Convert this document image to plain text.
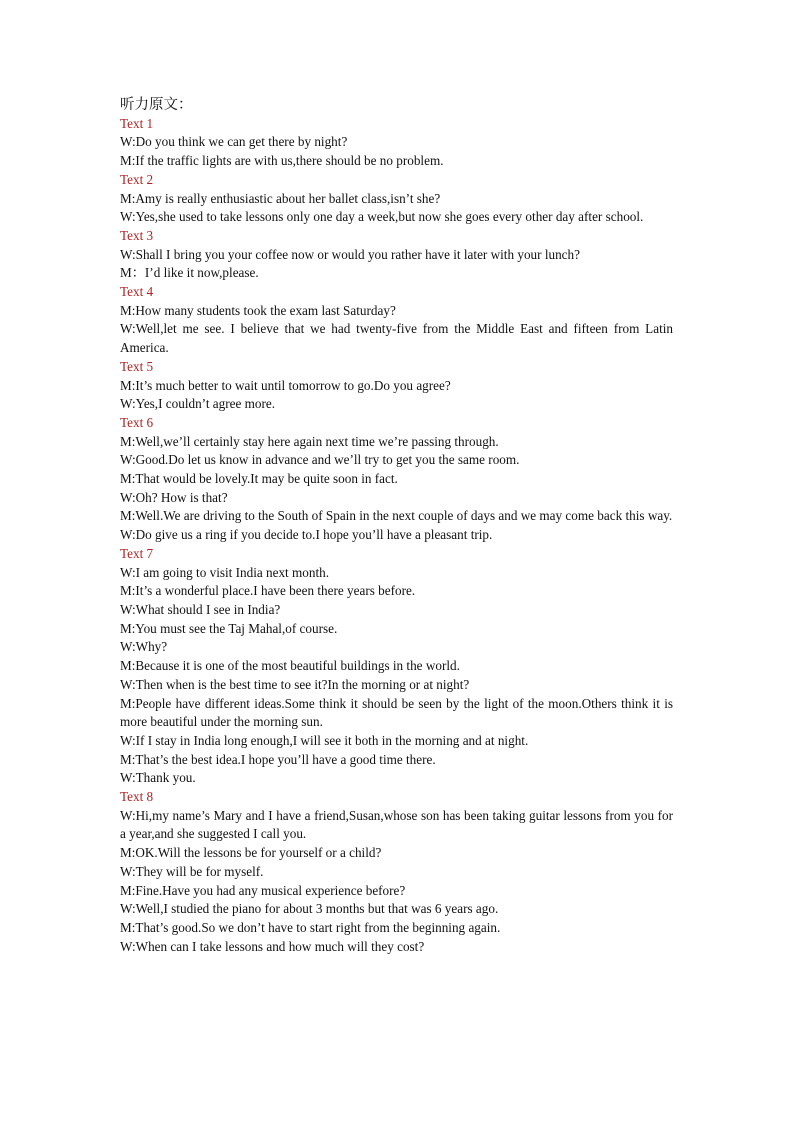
听力原文：
Text 1
W:Do you think we can get there by night?
M:If the traffic lights are with us,there should be no problem.
Text 2
M:Amy is really enthusiastic about her ballet class,isn’t she?
W:Yes,she used to take lessons only one day a week,but now she goes every other day after school.
Text 3
W:Shall I bring you your coffee now or would you rather have it later with your lunch?
M：I’d like it now,please.
Text 4
M:How many students took the exam last Saturday?
W:Well,let me see. I believe that we had twenty-five from the Middle East and fifteen from Latin America.
Text 5
M:It’s much better to wait until tomorrow to go.Do you agree?
W:Yes,I couldn’t agree more.
Text 6
M:Well,we’ll certainly stay here again next time we’re passing through.
W:Good.Do let us know in advance and we’ll try to get you the same room.
M:That would be lovely.It may be quite soon in fact.
W:Oh? How is that?
M:Well.We are driving to the South of Spain in the next couple of days and we may come back this way.
W:Do give us a ring if you decide to.I hope you’ll have a pleasant trip.
Text 7
W:I am going to visit India next month.
M:It’s a wonderful place.I have been there years before.
W:What should I see in India?
M:You must see the Taj Mahal,of course.
W:Why?
M:Because it is one of the most beautiful buildings in the world.
W:Then when is the best time to see it?In the morning or at night?
M:People have different ideas.Some think it should be seen by the light of the moon.Others think it is more beautiful under the morning sun.
W:If I stay in India long enough,I will see it both in the morning and at night.
M:That’s the best idea.I hope you’ll have a good time there.
W:Thank you.
Text 8
W:Hi,my name’s Mary and I have a friend,Susan,whose son has been taking guitar lessons from you for a year,and she suggested I call you.
M:OK.Will the lessons be for yourself or a child?
W:They will be for myself.
M:Fine.Have you had any musical experience before?
W:Well,I studied the piano for about 3 months but that was 6 years ago.
M:That’s good.So we don’t have to start right from the beginning again.
W:When can I take lessons and how much will they cost?
